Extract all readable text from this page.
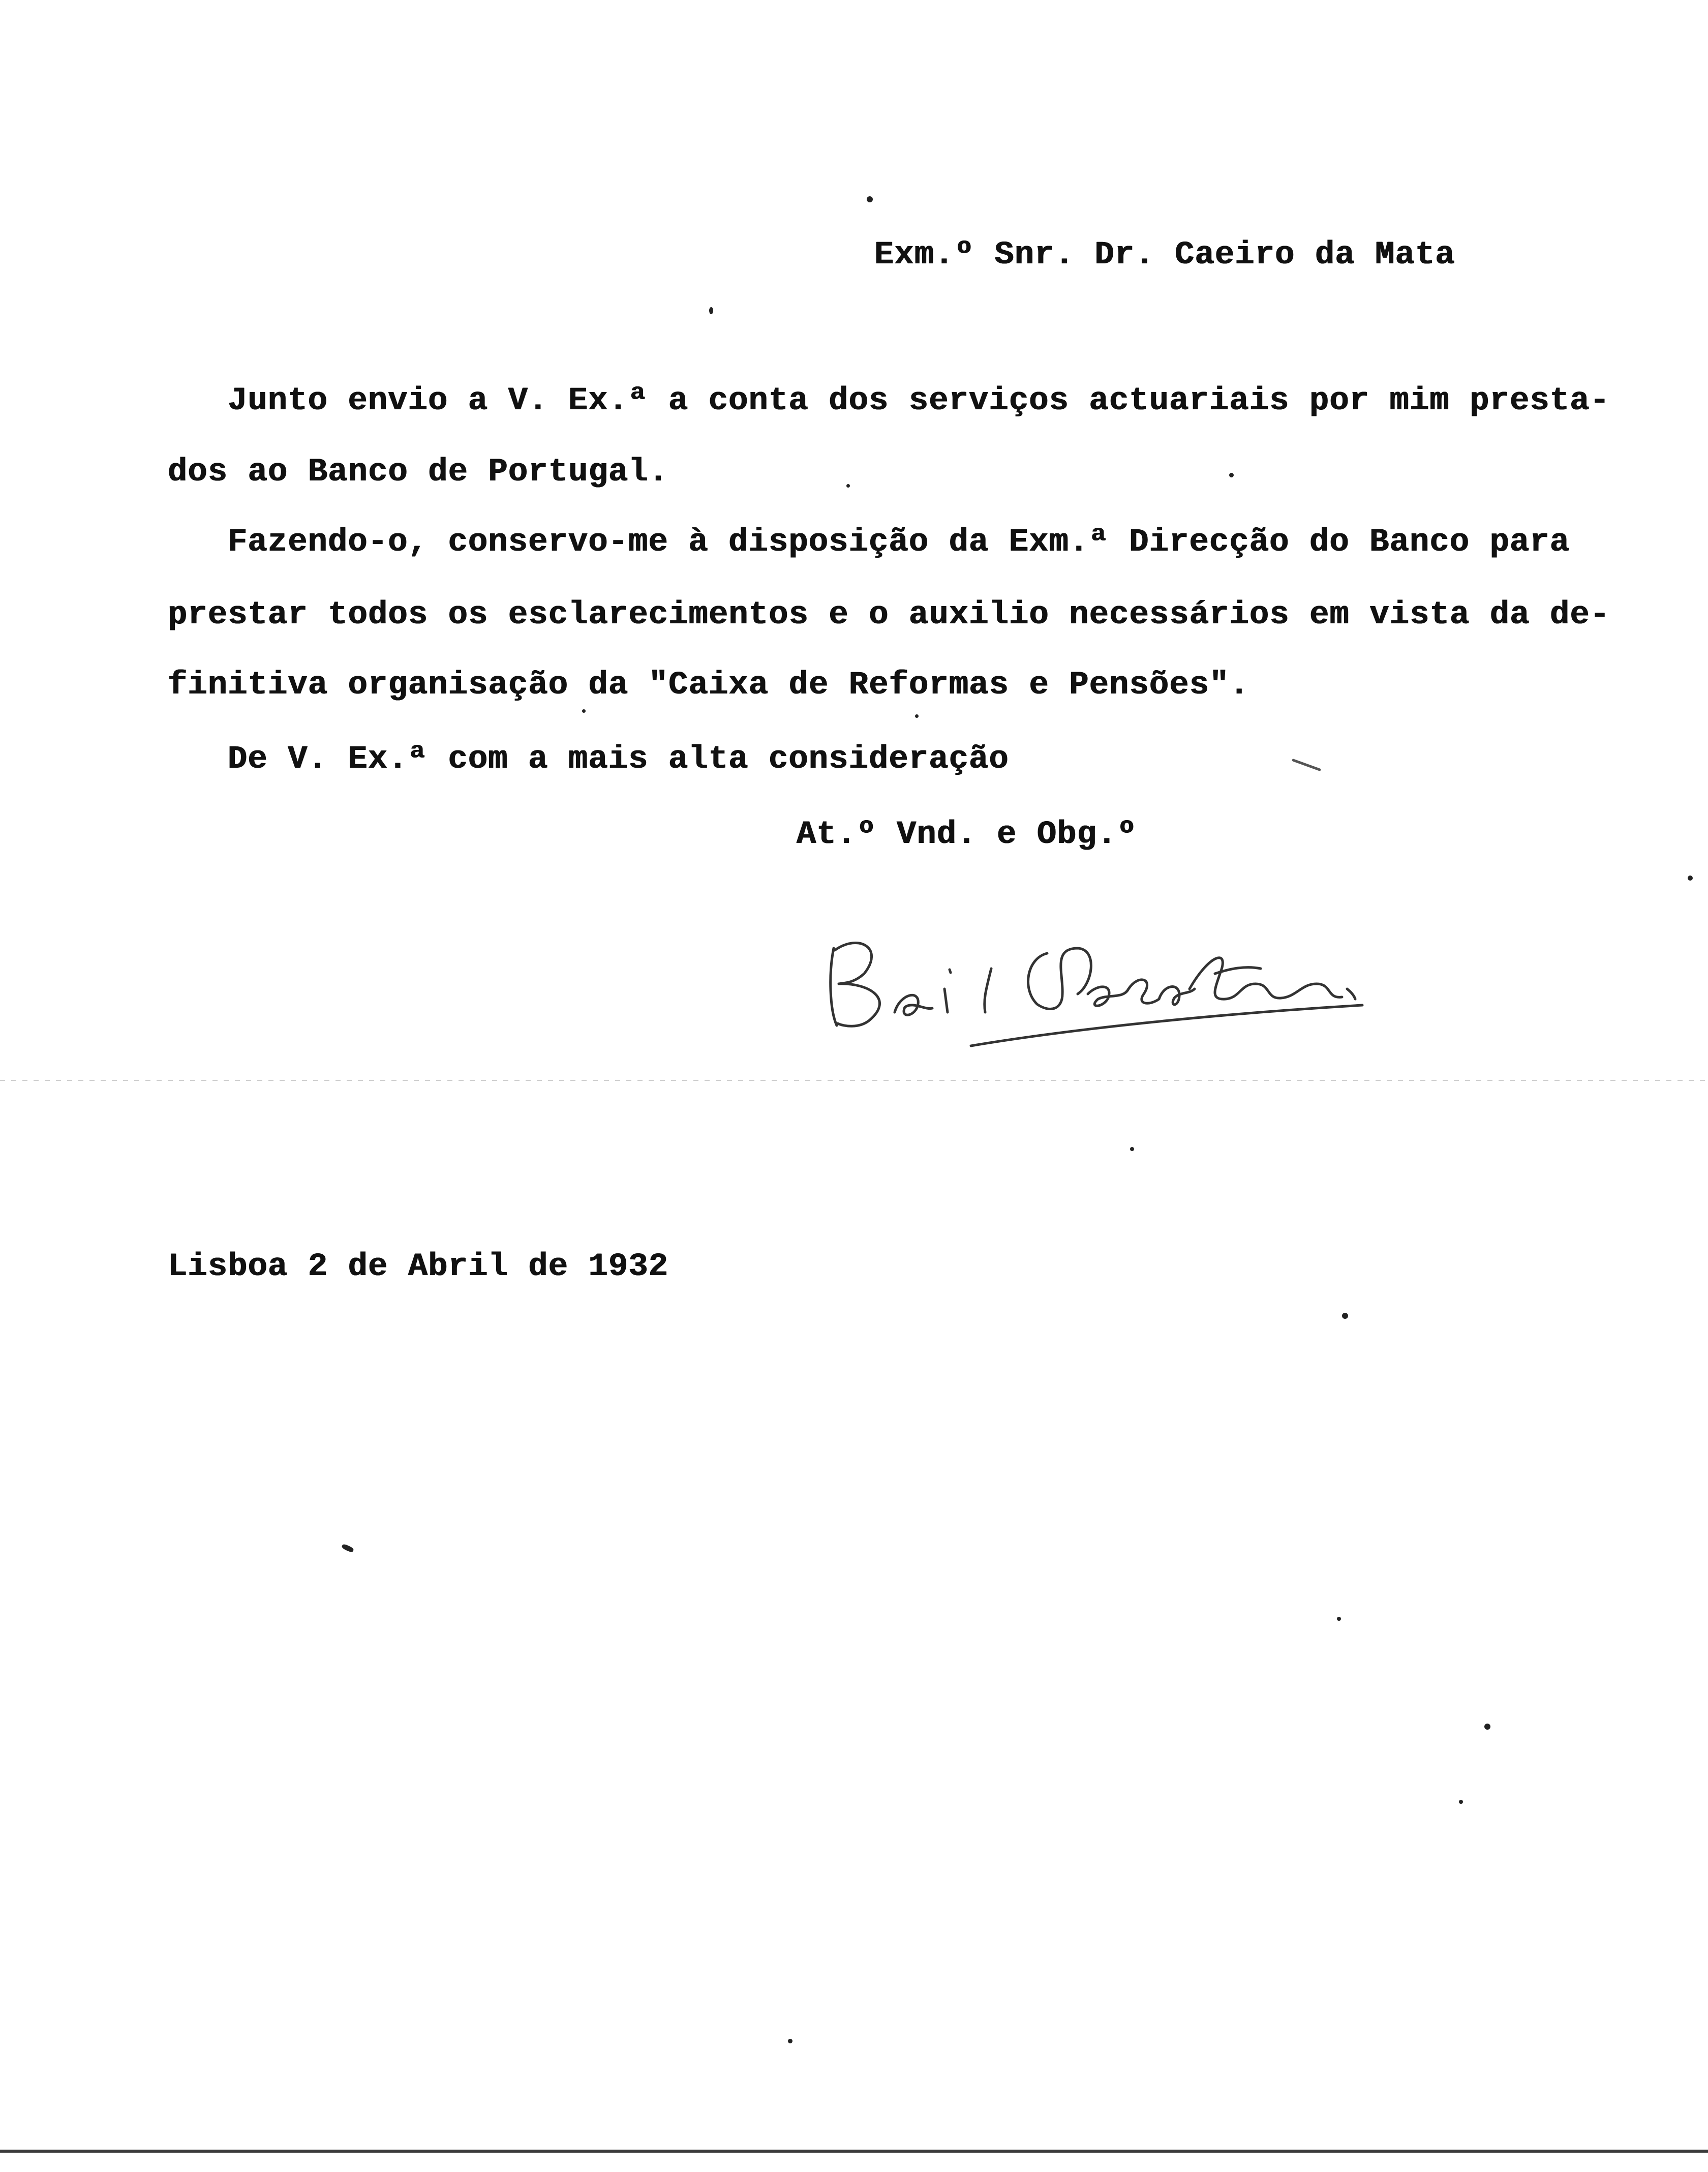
Exm.º Snr. Dr. Caeiro da Mata
Junto envio a V. Ex.ª a conta dos serviços actuariais por mim presta-
dos ao Banco de Portugal.
Fazendo-o, conservo-me à disposição da Exm.ª Direcção do Banco para
prestar todos os esclarecimentos e o auxilio necessários em vista da de-
finitiva organisação da "Caixa de Reformas e Pensões".
De V. Ex.ª com a mais alta consideração
At.º Vnd. e Obg.º
Bento Jesus Caraça
Lisboa 2 de Abril de 1932
